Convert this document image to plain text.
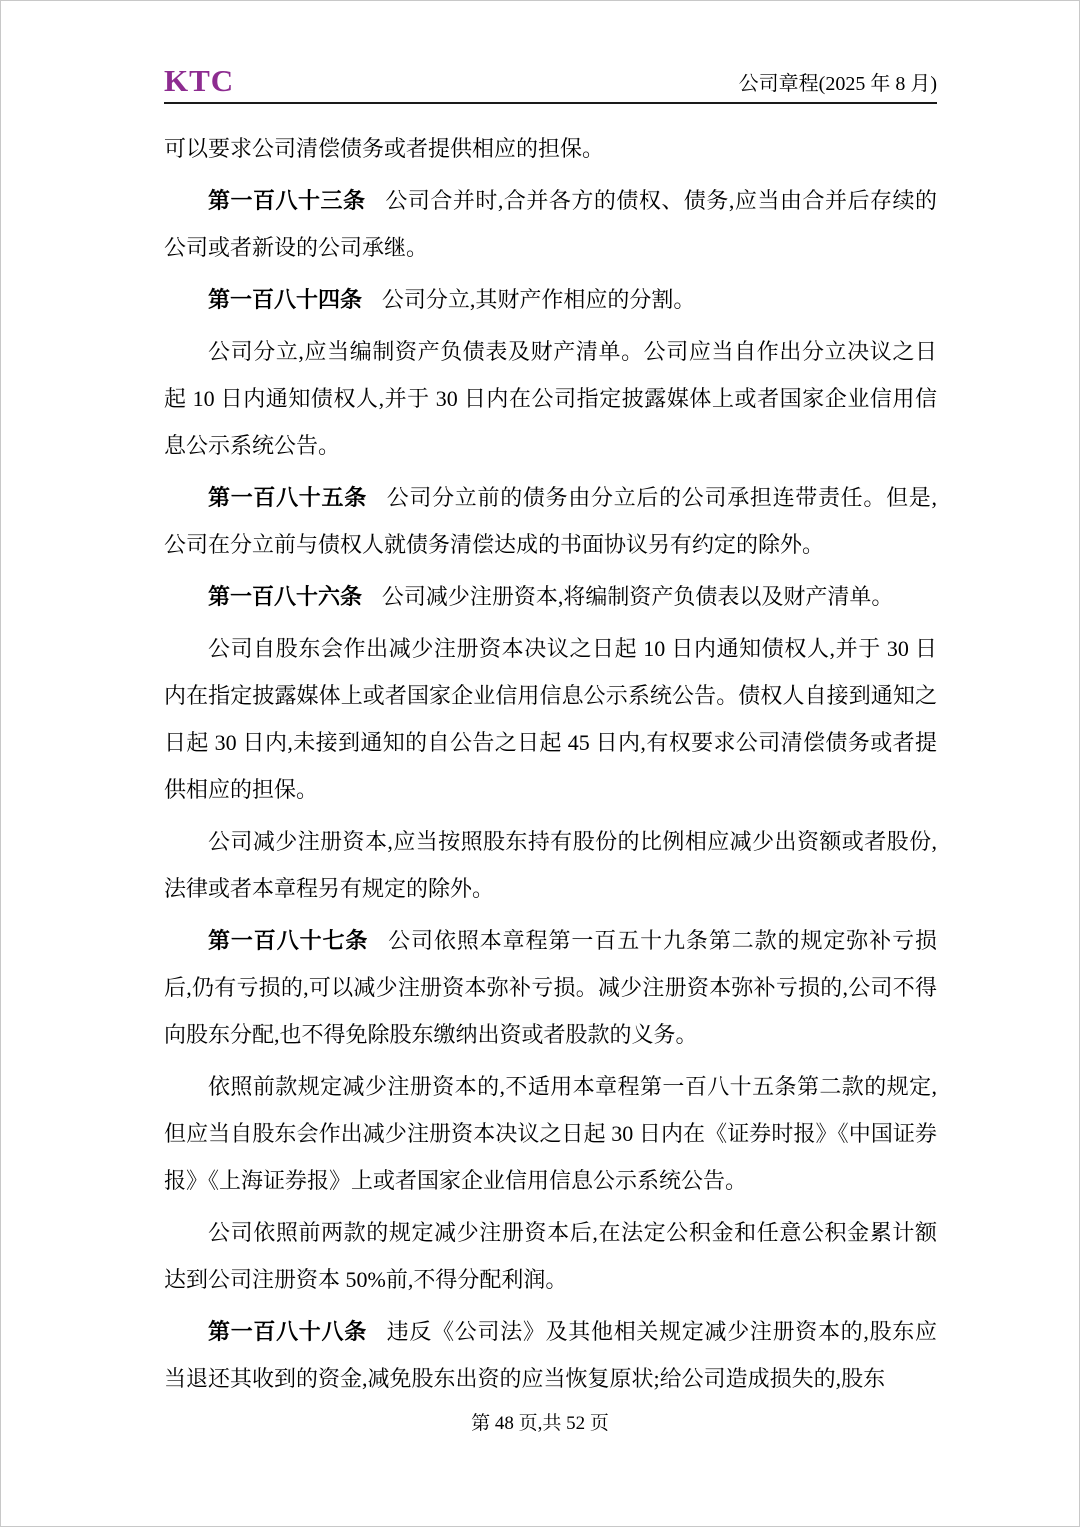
KTC	公司章程(2025 年 8 月)

可以要求公司清偿债务或者提供相应的担保。

第一百八十三条 公司合并时,合并各方的债权、债务,应当由合并后存续的公司或者新设的公司承继。

第一百八十四条 公司分立,其财产作相应的分割。

公司分立,应当编制资产负债表及财产清单。公司应当自作出分立决议之日起 10 日内通知债权人,并于 30 日内在公司指定披露媒体上或者国家企业信用信息公示系统公告。

第一百八十五条 公司分立前的债务由分立后的公司承担连带责任。但是,公司在分立前与债权人就债务清偿达成的书面协议另有约定的除外。

第一百八十六条 公司减少注册资本,将编制资产负债表以及财产清单。

公司自股东会作出减少注册资本决议之日起 10 日内通知债权人,并于 30 日内在指定披露媒体上或者国家企业信用信息公示系统公告。债权人自接到通知之日起 30 日内,未接到通知的自公告之日起 45 日内,有权要求公司清偿债务或者提供相应的担保。

公司减少注册资本,应当按照股东持有股份的比例相应减少出资额或者股份,法律或者本章程另有规定的除外。

第一百八十七条 公司依照本章程第一百五十九条第二款的规定弥补亏损后,仍有亏损的,可以减少注册资本弥补亏损。减少注册资本弥补亏损的,公司不得向股东分配,也不得免除股东缴纳出资或者股款的义务。

依照前款规定减少注册资本的,不适用本章程第一百八十五条第二款的规定,但应当自股东会作出减少注册资本决议之日起 30 日内在《证券时报》《中国证券报》《上海证券报》上或者国家企业信用信息公示系统公告。

公司依照前两款的规定减少注册资本后,在法定公积金和任意公积金累计额达到公司注册资本 50%前,不得分配利润。

第一百八十八条 违反《公司法》及其他相关规定减少注册资本的,股东应当退还其收到的资金,减免股东出资的应当恢复原状;给公司造成损失的,股东

第 48 页,共 52 页
